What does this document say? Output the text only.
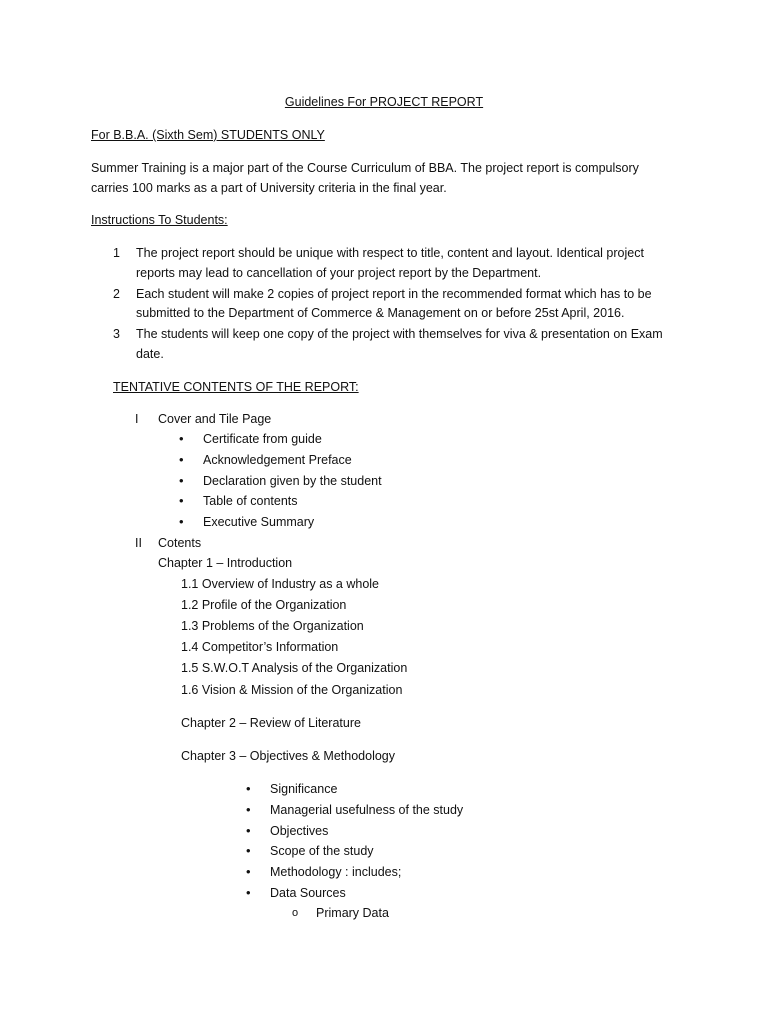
Guidelines For PROJECT REPORT
For B.B.A. (Sixth Sem) STUDENTS ONLY
Summer Training is a major part of the Course Curriculum of BBA. The project report is compulsory
carries 100 marks as a part of University criteria in the final year.
Instructions To Students:
1 The project report should be unique with respect to title, content and layout. Identical project
reports may lead to cancellation of your project report by the Department.
2 Each student will make 2 copies of project report in the recommended format which has to be
submitted to the Department of Commerce & Management on or before 25st April, 2016.
3 The students will keep one copy of the project with themselves for viva & presentation on Exam
date.
TENTATIVE CONTENTS OF THE REPORT:
I Cover and Tile Page
• Certificate from guide
• Acknowledgement Preface
• Declaration given by the student
• Table of contents
• Executive Summary
II Cotents
Chapter 1 – Introduction
1.1 Overview of Industry as a whole
1.2 Profile of the Organization
1.3 Problems of the Organization
1.4 Competitor’s Information
1.5 S.W.O.T Analysis of the Organization
1.6 Vision & Mission of the Organization
Chapter 2 – Review of Literature
Chapter 3 – Objectives & Methodology
• Significance
• Managerial usefulness of the study
• Objectives
• Scope of the study
• Methodology : includes;
• Data Sources
o Primary Data
